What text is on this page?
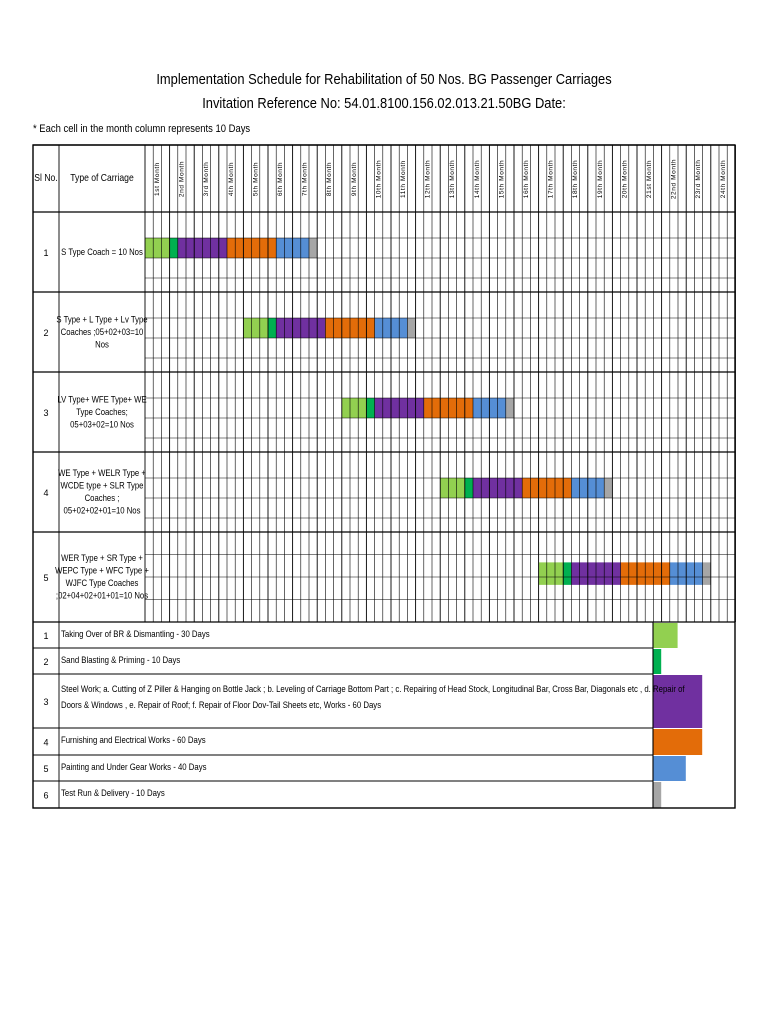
Implementation Schedule for Rehabilitation of 50 Nos. BG Passenger Carriages
Invitation Reference No: 54.01.8100.156.02.013.21.50BG Date:
* Each cell in the month column represents 10 Days
1st Month	2nd Month	3rd Month	4th Month	5th Month	6th Month	7th Month	8th Month	9th Month	10th Month	11th Month	12th Month	13th Month	14th Month	15th Month	16th Month	17th Month	18th Month	19th Month	20th Month	21st Month	22nd Month	23rd Month	24th Month
Sl No. Type of Carriage
1 S Type Coach = 10 Nos
2
S Type + L Type + Lv Type
Coaches ;05+02+03=10
Nos
3
LV Type+ WFE Type+ WE
Type Coaches;
05+03+02=10 Nos
4
WE Type + WELR Type +
WCDE type + SLR Type
Coaches ;
05+02+02+01=10 Nos
5
WER Type + SR Type +
WEPC Type + WFC Type +
WJFC Type Coaches
;02+04+02+01+01=10 Nos
1 Taking Over of BR & Dismantling - 30 Days
2 Sand Blasting & Priming - 10 Days
3
Steel Work; a. Cutting of Z Piller & Hanging on Bottle Jack ; b. Leveling of Carriage Bottom Part ; c. Repairing of Head Stock, Longitudinal Bar, Cross Bar, Diagonals etc , d. Repair of
Doors & Windows , e. Repair of Roof; f. Repair of Floor Dov-Tail Sheets etc, Works - 60 Days
4 Furnishing and Electrical Works - 60 Days
5 Painting and Under Gear Works - 40 Days
6 Test Run & Delivery - 10 Days
